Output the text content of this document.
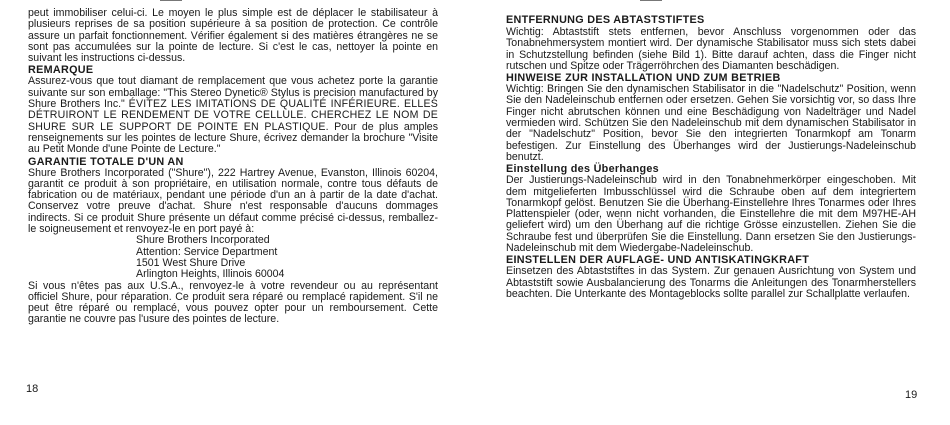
peut immobiliser celui-ci. Le moyen le plus simple est de déplacer le stabilisateur à plusieurs reprises de sa position supérieure à sa position de protection. Ce contrôle assure un parfait fonctionnement. Vérifier également si des matières étrangères ne se sont pas accumulées sur la pointe de lecture. Si c'est le cas, nettoyer la pointe en suivant les instructions ci-dessus.

REMARQUE

Assurez-vous que tout diamant de remplacement que vous achetez porte la garantie suivante sur son emballage: "This Stereo Dynetic® Stylus is precision manufactured by Shure Brothers Inc." ÉVITEZ LES IMITATIONS DE QUALITÉ INFÉRIEURE. ELLES DÉTRUIRONT LE RENDEMENT DE VOTRE CELLULE. CHERCHEZ LE NOM DE SHURE SUR LE SUPPORT DE POINTE EN PLASTIQUE. Pour de plus amples renseignements sur les pointes de lecture Shure, écrivez demander la brochure "Visite au Petit Monde d'une Pointe de Lecture."

GARANTIE TOTALE D'UN AN

Shure Brothers Incorporated ("Shure"), 222 Hartrey Avenue, Evanston, Illinois 60204, garantit ce produit à son propriétaire, en utilisation normale, contre tous défauts de fabrication ou de matériaux, pendant une période d'un an à partir de la date d'achat. Conservez votre preuve d'achat. Shure n'est responsable d'aucuns dommages indirects. Si ce produit Shure présente un défaut comme précisé ci-dessus, remballez-le soigneusement et renvoyez-le en port payé à:

Shure Brothers Incorporated
Attention: Service Department
1501 West Shure Drive
Arlington Heights, Illinois 60004

Si vous n'êtes pas aux U.S.A., renvoyez-le à votre revendeur ou au représentant officiel Shure, pour réparation. Ce produit sera réparé ou remplacé rapidement. S'il ne peut être réparé ou remplacé, vous pouvez opter pour un remboursement. Cette garantie ne couvre pas l'usure des pointes de lecture.

18
ENTFERNUNG DES ABTASTSTIFTES

Wichtig: Abtaststift stets entfernen, bevor Anschluss vorgenommen oder das Tonabnehmersystem montiert wird. Der dynamische Stabilisator muss sich stets dabei in Schutzstellung befinden (siehe Bild 1). Bitte darauf achten, dass die Finger nicht rutschen und Spitze oder Trägerröhrchen des Diamanten beschädigen.

HINWEISE ZUR INSTALLATION UND ZUM BETRIEB

Wichtig: Bringen Sie den dynamischen Stabilisator in die "Nadelschutz" Position, wenn Sie den Nadeleinschub entfernen oder ersetzen. Gehen Sie vorsichtig vor, so dass Ihre Finger nicht abrutschen können und eine Beschädigung von Nadelträger und Nadel vermieden wird. Schützen Sie den Nadeleinschub mit dem dynamischen Stabilisator in der "Nadelschutz" Position, bevor Sie den integrierten Tonarmkopf am Tonarm befestigen. Zur Einstellung des Überhanges wird der Justierungs-Nadeleinschub benutzt.

Einstellung des Überhanges

Der Justierungs-Nadeleinschub wird in den Tonabnehmerkörper eingeschoben. Mit dem mitgelieferten Imbusschlüssel wird die Schraube oben auf dem integriertem Tonarmkopf gelöst. Benutzen Sie die Überhang-Einstellehre Ihres Tonarmes oder Ihres Plattenspieler (oder, wenn nicht vorhanden, die Einstellehre die mit dem M97HE-AH geliefert wird) um den Überhang auf die richtige Grösse einzustellen. Ziehen Sie die Schraube fest und überprüfen Sie die Einstellung. Dann ersetzen Sie den Justierungs-Nadeleinschub mit dem Wiedergabe-Nadeleinschub.

EINSTELLEN DER AUFLAGE- UND ANTISKATINGKRAFT

Einsetzen des Abtaststiftes in das System. Zur genauen Ausrichtung von System und Abtaststift sowie Ausbalancierung des Tonarms die Anleitungen des Tonarmherstellers beachten. Die Unterkante des Montageblocks sollte parallel zur Schallplatte verlaufen.

19
